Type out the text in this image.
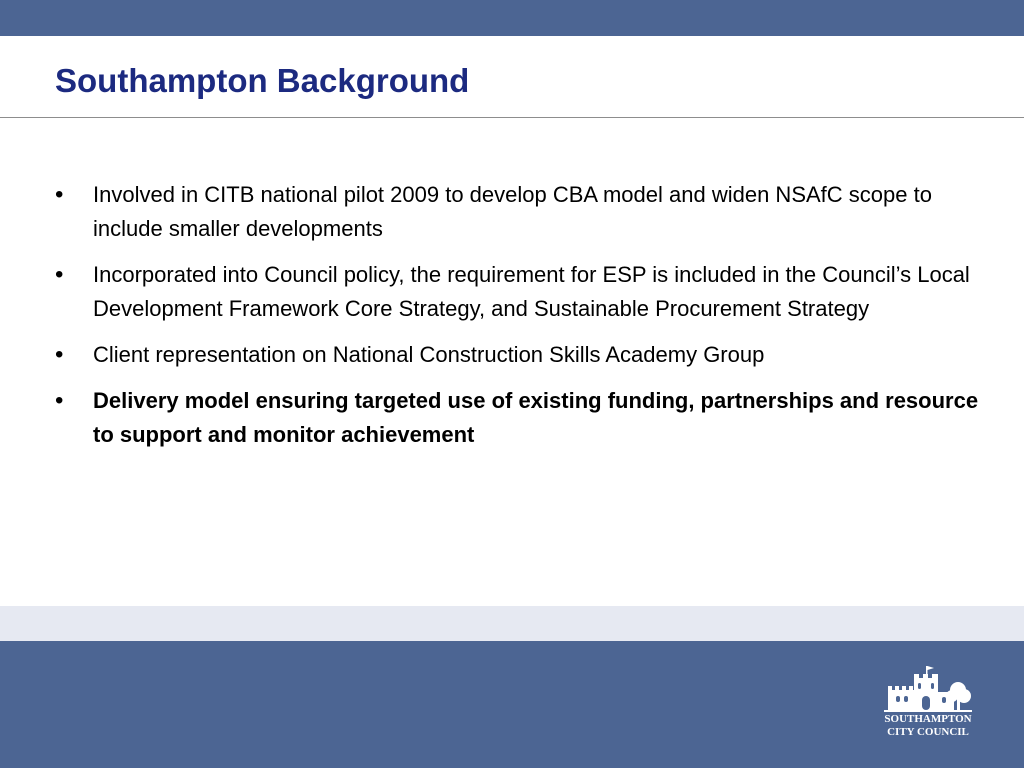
Southampton Background
• Involved in CITB national pilot 2009 to develop CBA model and widen NSAfC scope to include smaller developments
• Incorporated into Council policy, the requirement for ESP is included in the Council’s Local Development Framework Core Strategy, and Sustainable Procurement Strategy
• Client representation on National Construction Skills Academy Group
• Delivery model ensuring targeted use of existing funding, partnerships and resource to support and monitor achievement
SOUTHAMPTON
CITY COUNCIL
